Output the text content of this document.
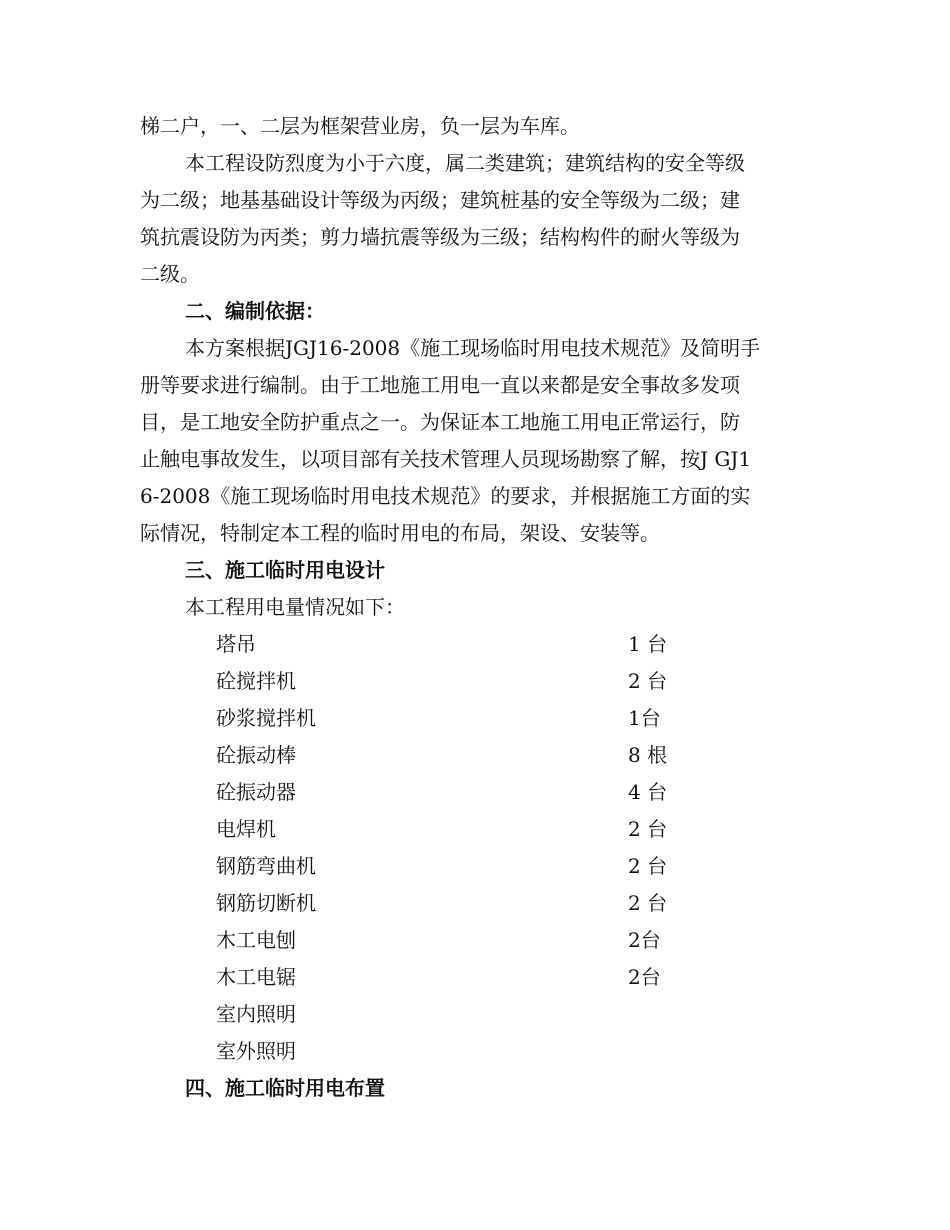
梯二户，一、二层为框架营业房，负一层为车库。
本工程设防烈度为小于六度，属二类建筑；建筑结构的安全等级
为二级；地基基础设计等级为丙级；建筑桩基的安全等级为二级；建
筑抗震设防为丙类；剪力墙抗震等级为三级；结构构件的耐火等级为
二级。
二、编制依据：
本方案根据JGJ16-2008《施工现场临时用电技术规范》及简明手
册等要求进行编制。由于工地施工用电一直以来都是安全事故多发项
目，是工地安全防护重点之一。为保证本工地施工用电正常运行，防
止触电事故发生，以项目部有关技术管理人员现场勘察了解，按J GJ1
6-2008《施工现场临时用电技术规范》的要求，并根据施工方面的实
际情况，特制定本工程的临时用电的布局，架设、安装等。
三、施工临时用电设计
本工程用电量情况如下：
塔吊	1 台
砼搅拌机	2 台
砂浆搅拌机	1台
砼振动棒	8 根
砼振动器	4 台
电焊机	2 台
钢筋弯曲机	2 台
钢筋切断机	2 台
木工电刨	2台
木工电锯	2台
室内照明
室外照明
四、施工临时用电布置
